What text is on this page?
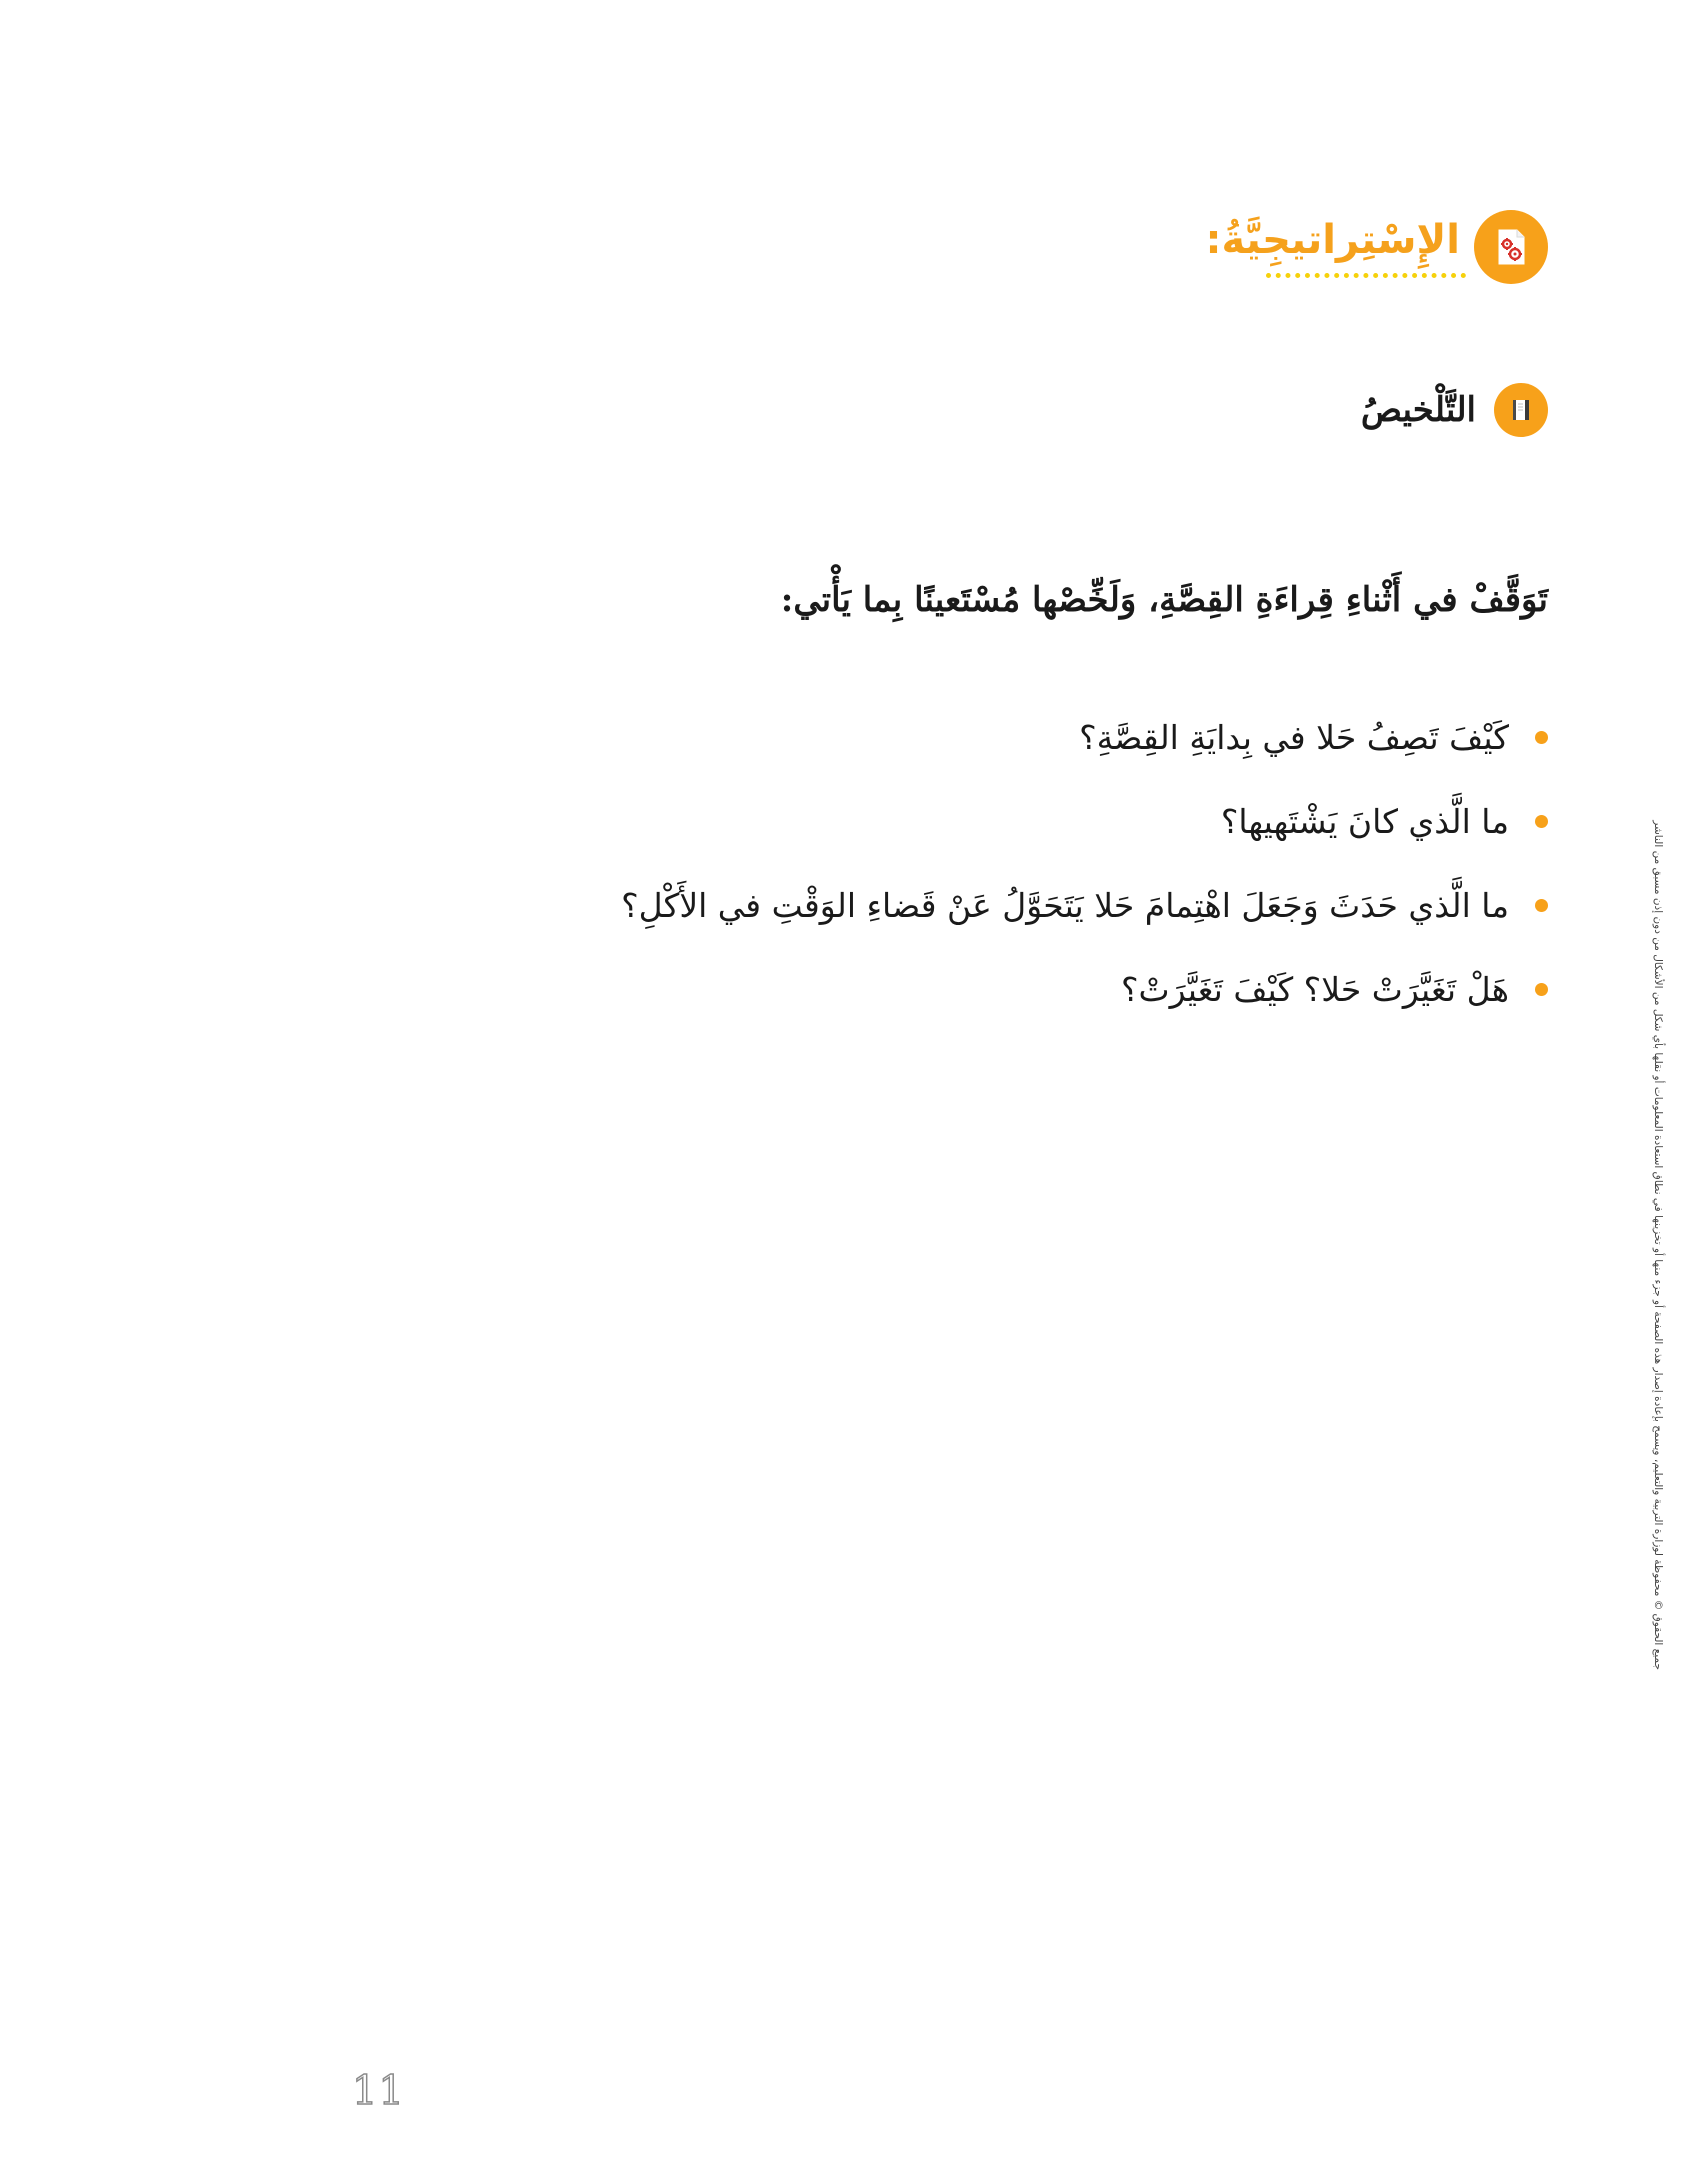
الإِسْتِراتيجِيَّةُ:
التَّلْخيصُ
تَوَقَّفْ في أَثْناءِ قِراءَةِ القِصَّةِ، وَلَخِّصْها مُسْتَعينًا بِما يَأْتي:
كَيْفَ تَصِفُ حَلا في بِدايَةِ القِصَّةِ؟
ما الَّذي كانَ يَشْتَهيها؟
ما الَّذي حَدَثَ وَجَعَلَ اهْتِمامَ حَلا يَتَحَوَّلُ عَنْ قَضاءِ الوَقْتِ في الأَكْلِ؟
هَلْ تَغَيَّرَتْ حَلا؟ كَيْفَ تَغَيَّرَتْ؟	جميع الحقوق © محفوظة لوزارة التربية والتعليم، ويسمح بإعادة إصدار هذه الصفحة أو جزء منها أو تخزينها في نطاق استعادة المعلومات أو نقلها بأي شكل من الأشكال من دون إذن مسبق من الناشر
11
